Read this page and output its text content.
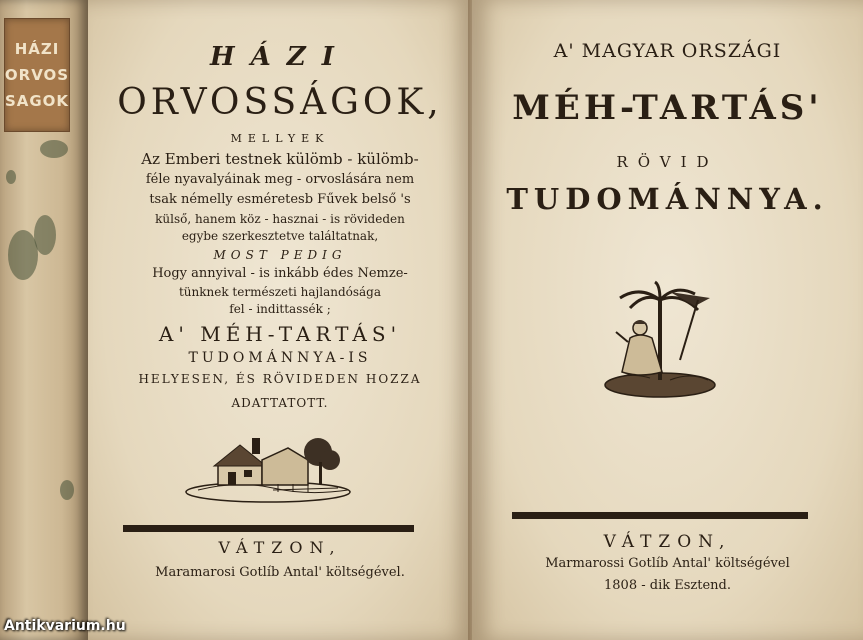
HÁZI
ORVOS
SAGOK
HÁZI
ORVOSSÁGOK,
MELLYEK
Az Emberi testnek külömb - külömb-
féle nyavalyáinak meg - orvoslására nem
tsak némelly esméretesb Fűvek belső 's
külső, hanem köz - hasznai - is rövideden
egybe szerkesztetve találtatnak,
MOST PEDIG
Hogy annyival - is inkább édes Nemze-
tünknek természeti hajlandósága
fel - indittassék ;
A' MÉH-TARTÁS'
TUDOMÁNNYA-IS
HELYESEN, ÉS RÖVIDEDEN HOZZA
ADATTATOTT.
VÁTZON,
Maramarosi Gotlíb Antal' költségével.
A' MAGYAR ORSZÁGI
MÉH-TARTÁS'
RÖVID
TUDOMÁNNYA.
VÁTZON,
Marmarossi Gotlíb Antal' költségével
1808 - dik Esztend.
Antikvarium.hu
